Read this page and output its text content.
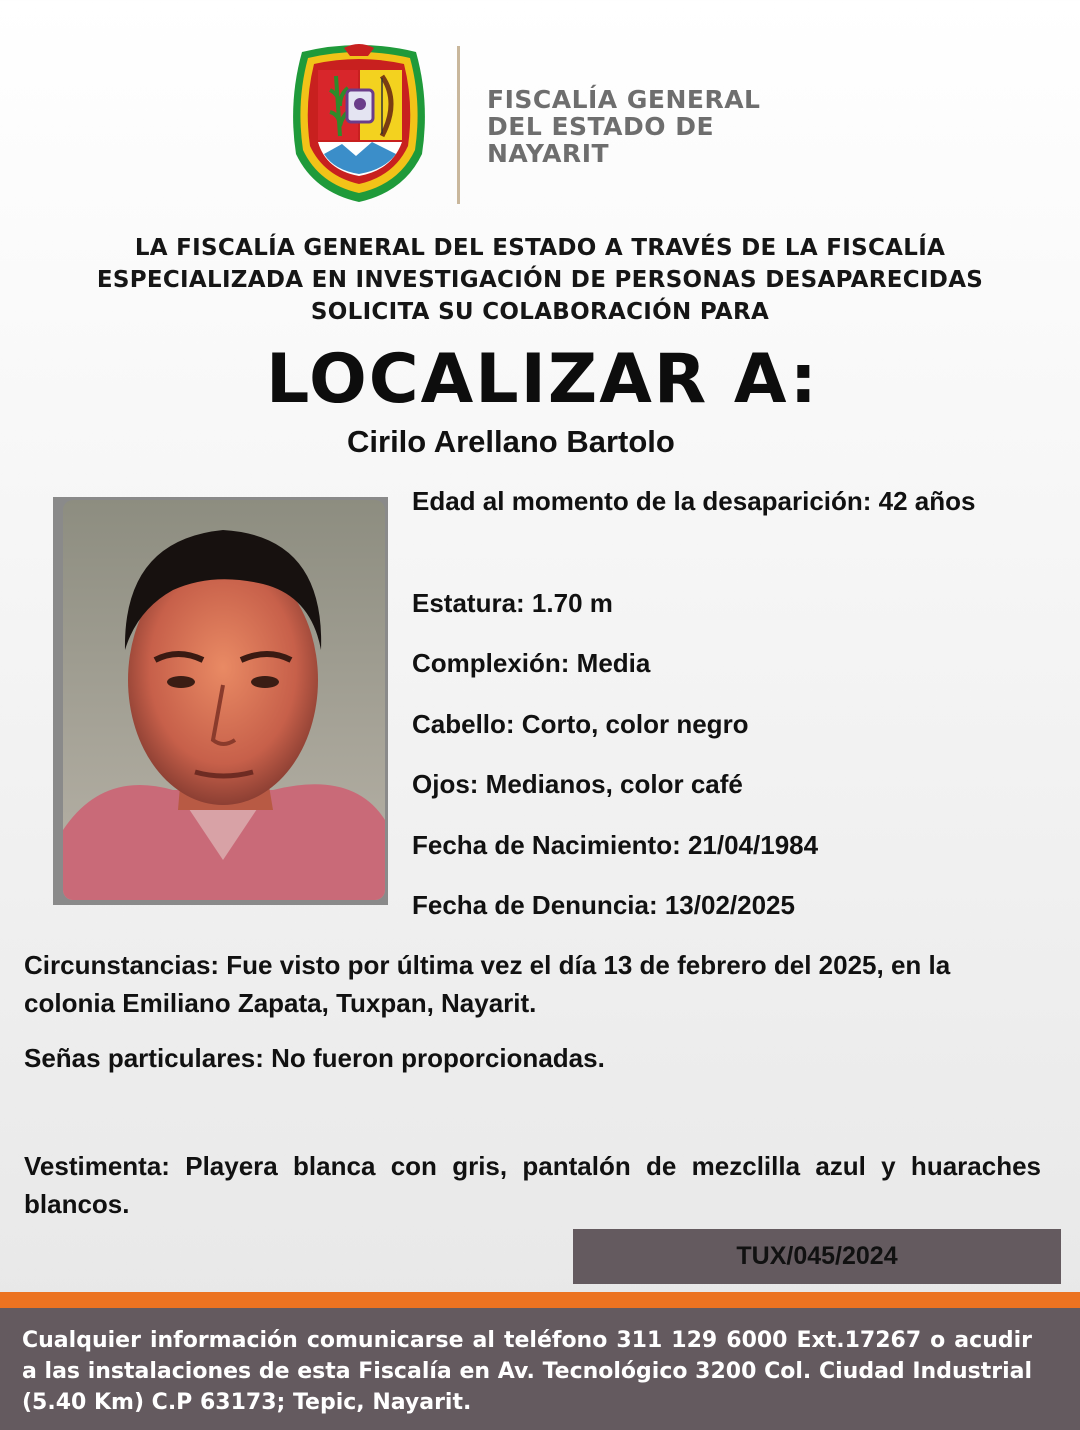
FISCALÍA GENERAL
DEL ESTADO DE
NAYARIT
LA FISCALÍA GENERAL DEL ESTADO A TRAVÉS DE LA FISCALÍA
ESPECIALIZADA EN INVESTIGACIÓN DE PERSONAS DESAPARECIDAS
SOLICITA SU COLABORACIÓN PARA
LOCALIZAR A:
Cirilo Arellano Bartolo
Edad al momento de la desaparición: 42 años
Estatura: 1.70 m
Complexión: Media
Cabello: Corto, color negro
Ojos: Medianos, color café
Fecha de Nacimiento: 21/04/1984
Fecha de Denuncia: 13/02/2025
Circunstancias: Fue visto por última vez el día 13 de febrero del 2025, en la colonia Emiliano Zapata, Tuxpan, Nayarit.
Señas particulares: No fueron proporcionadas.
Vestimenta: Playera blanca con gris, pantalón de mezclilla azul y huaraches blancos.
TUX/045/2024
Cualquier información comunicarse al teléfono 311 129 6000 Ext.17267 o acudir a las instalaciones de esta Fiscalía en Av. Tecnológico 3200 Col. Ciudad Industrial (5.40 Km) C.P 63173; Tepic, Nayarit.
